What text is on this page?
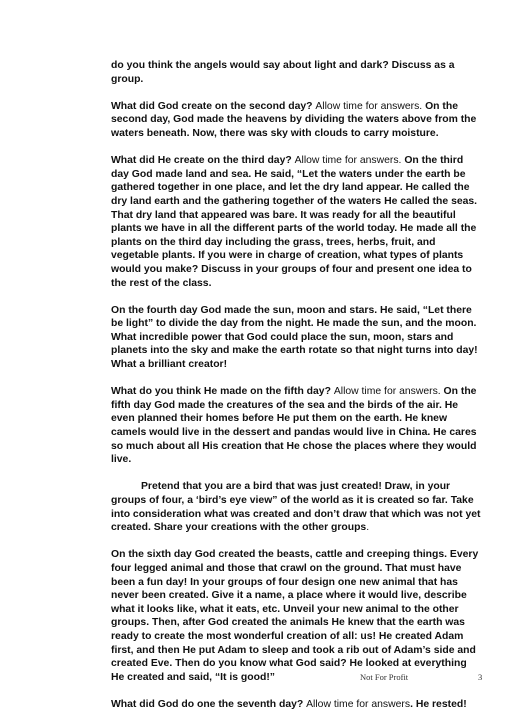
do you think the angels would say about light and dark? Discuss as a group.

What did God create on the second day? Allow time for answers. On the second day, God made the heavens by dividing the waters above from the waters beneath. Now, there was sky with clouds to carry moisture.

What did He create on the third day? Allow time for answers. On the third day God made land and sea. He said, “Let the waters under the earth be gathered together in one place, and let the dry land appear. He called the dry land earth and the gathering together of the waters He called the seas. That dry land that appeared was bare. It was ready for all the beautiful plants we have in all the different parts of the world today. He made all the plants on the third day including the grass, trees, herbs, fruit, and vegetable plants. If you were in charge of creation, what types of plants would you make? Discuss in your groups of four and present one idea to the rest of the class.

On the fourth day God made the sun, moon and stars. He said, “Let there be light” to divide the day from the night. He made the sun, and the moon. What incredible power that God could place the sun, moon, stars and planets into the sky and make the earth rotate so that night turns into day! What a brilliant creator!

What do you think He made on the fifth day? Allow time for answers. On the fifth day God made the creatures of the sea and the birds of the air. He even planned their homes before He put them on the earth. He knew camels would live in the dessert and pandas would live in China. He cares so much about all His creation that He chose the places where they would live.

Pretend that you are a bird that was just created! Draw, in your groups of four, a ‘bird’s eye view” of the world as it is created so far. Take into consideration what was created and don’t draw that which was not yet created. Share your creations with the other groups.

On the sixth day God created the beasts, cattle and creeping things. Every four legged animal and those that crawl on the ground. That must have been a fun day! In your groups of four design one new animal that has never been created. Give it a name, a place where it would live, describe what it looks like, what it eats, etc. Unveil your new animal to the other groups. Then, after God created the animals He knew that the earth was ready to create the most wonderful creation of all: us! He created Adam first, and then He put Adam to sleep and took a rib out of Adam’s side and created Eve. Then do you know what God said? He looked at everything He created and said, “It is good!”

What did God do one the seventh day? Allow time for answers. He rested!

Not For Profit	3
